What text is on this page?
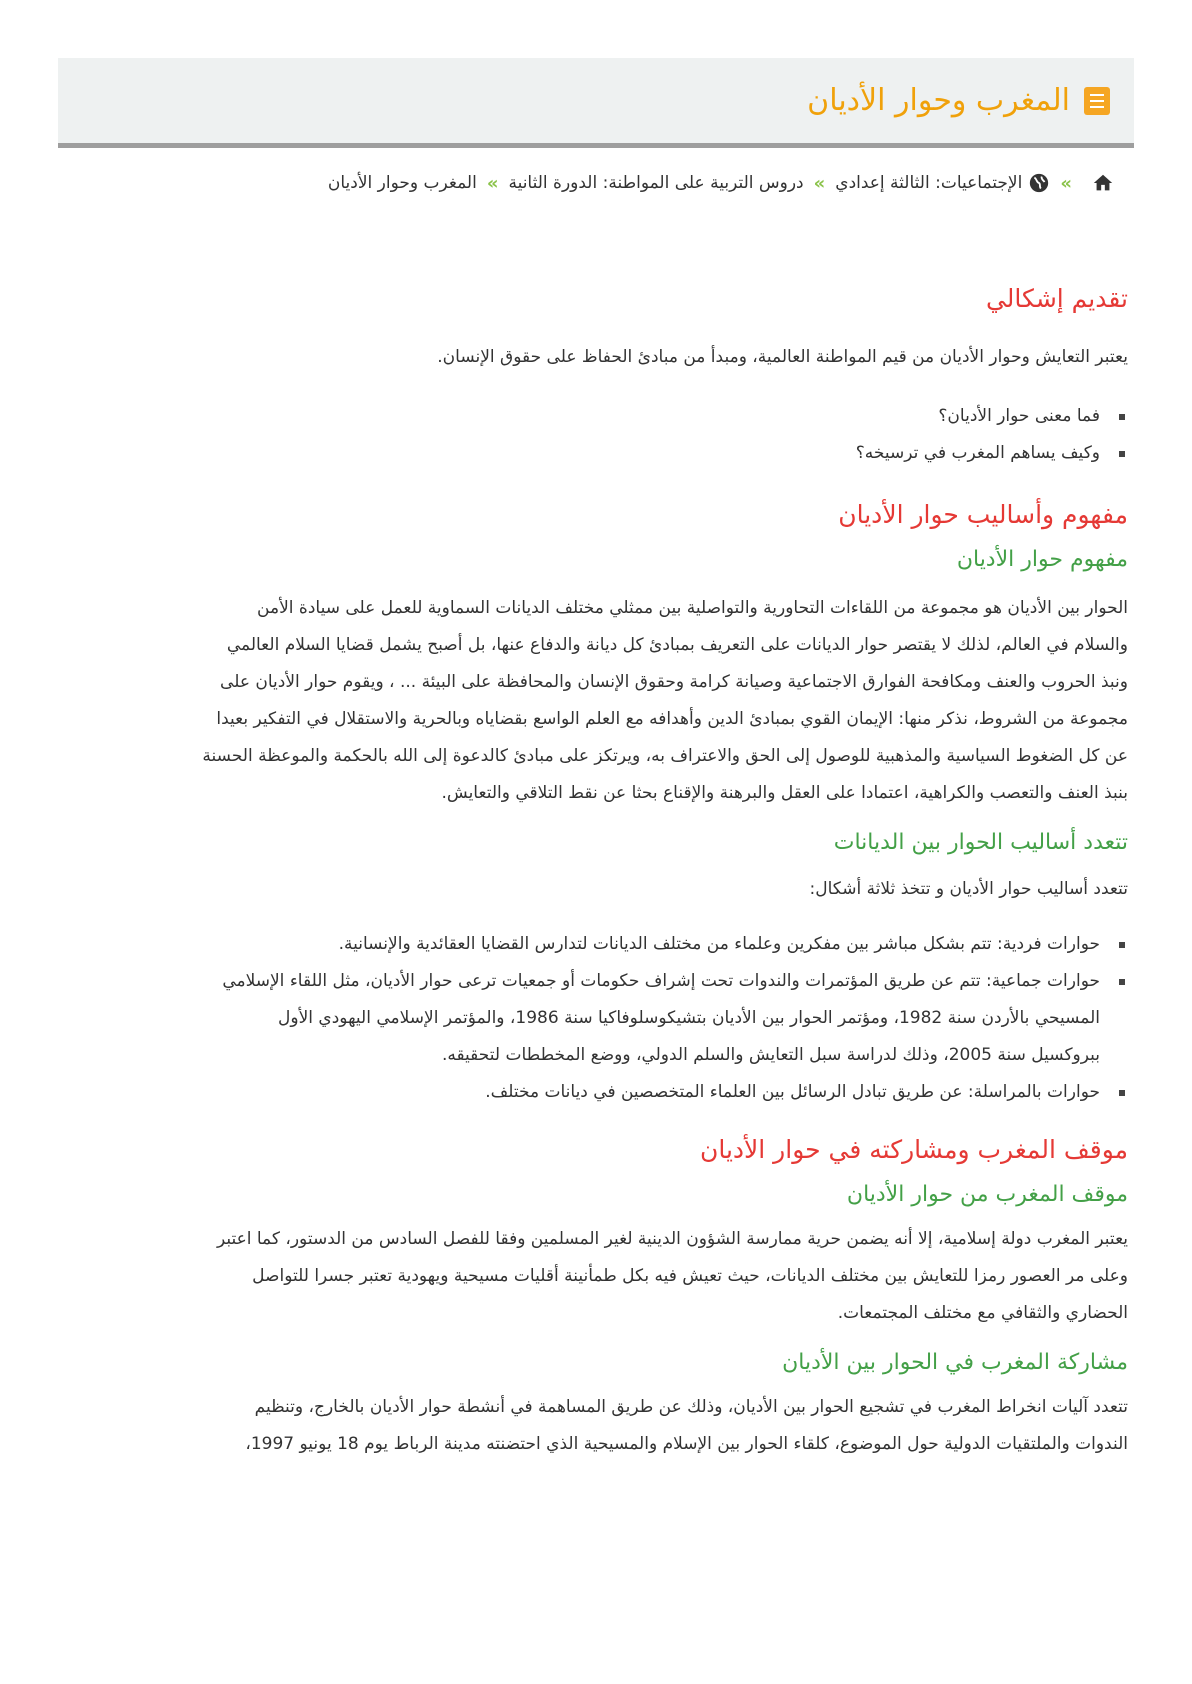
المغرب وحوار الأديان
»
الإجتماعيات: الثالثة إعدادي
»
دروس التربية على المواطنة: الدورة الثانية
»
المغرب وحوار الأديان
تقديم إشكالي

يعتبر التعايش وحوار الأديان من قيم المواطنة العالمية، ومبدأ من مبادئ الحفاظ على حقوق الإنسان.

فما معنى حوار الأديان؟
وكيف يساهم المغرب في ترسيخه؟
مفهوم وأساليب حوار الأديان
مفهوم حوار الأديان

الحوار بين الأديان هو مجموعة من اللقاءات التحاورية والتواصلية بين ممثلي مختلف الديانات السماوية للعمل على سيادة الأمن
والسلام في العالم، لذلك لا يقتصر حوار الديانات على التعريف بمبادئ كل ديانة والدفاع عنها، بل أصبح يشمل قضايا السلام العالمي
ونبذ الحروب والعنف ومكافحة الفوارق الاجتماعية وصيانة كرامة وحقوق الإنسان والمحافظة على البيئة ... ، ويقوم حوار الأديان على
مجموعة من الشروط، نذكر منها: الإيمان القوي بمبادئ الدين وأهدافه مع العلم الواسع بقضاياه وبالحرية والاستقلال في التفكير بعيدا
عن كل الضغوط السياسية والمذهبية للوصول إلى الحق والاعتراف به، ويرتكز على مبادئ كالدعوة إلى الله بالحكمة والموعظة الحسنة
بنبذ العنف والتعصب والكراهية، اعتمادا على العقل والبرهنة والإقناع بحثا عن نقط التلاقي والتعايش.

تتعدد أساليب الحوار بين الديانات

تتعدد أساليب حوار الأديان و تتخذ ثلاثة أشكال:

حوارات فردية: تتم بشكل مباشر بين مفكرين وعلماء من مختلف الديانات لتدارس القضايا العقائدية والإنسانية.
حوارات جماعية: تتم عن طريق المؤتمرات والندوات تحت إشراف حكومات أو جمعيات ترعى حوار الأديان، مثل اللقاء الإسلامي
المسيحي بالأردن سنة 1982، ومؤتمر الحوار بين الأديان بتشيكوسلوفاكيا سنة 1986، والمؤتمر الإسلامي اليهودي الأول
ببروكسيل سنة 2005، وذلك لدراسة سبل التعايش والسلم الدولي، ووضع المخططات لتحقيقه.
حوارات بالمراسلة: عن طريق تبادل الرسائل بين العلماء المتخصصين في ديانات مختلف.
موقف المغرب ومشاركته في حوار الأديان
موقف المغرب من حوار الأديان

يعتبر المغرب دولة إسلامية، إلا أنه يضمن حرية ممارسة الشؤون الدينية لغير المسلمين وفقا للفصل السادس من الدستور، كما اعتبر
وعلى مر العصور رمزا للتعايش بين مختلف الديانات، حيث تعيش فيه بكل طمأنينة أقليات مسيحية ويهودية تعتبر جسرا للتواصل
الحضاري والثقافي مع مختلف المجتمعات.

مشاركة المغرب في الحوار بين الأديان

تتعدد آليات انخراط المغرب في تشجيع الحوار بين الأديان، وذلك عن طريق المساهمة في أنشطة حوار الأديان بالخارج، وتنظيم
الندوات والملتقيات الدولية حول الموضوع، كلقاء الحوار بين الإسلام والمسيحية الذي احتضنته مدينة الرباط يوم 18 يونيو 1997،
